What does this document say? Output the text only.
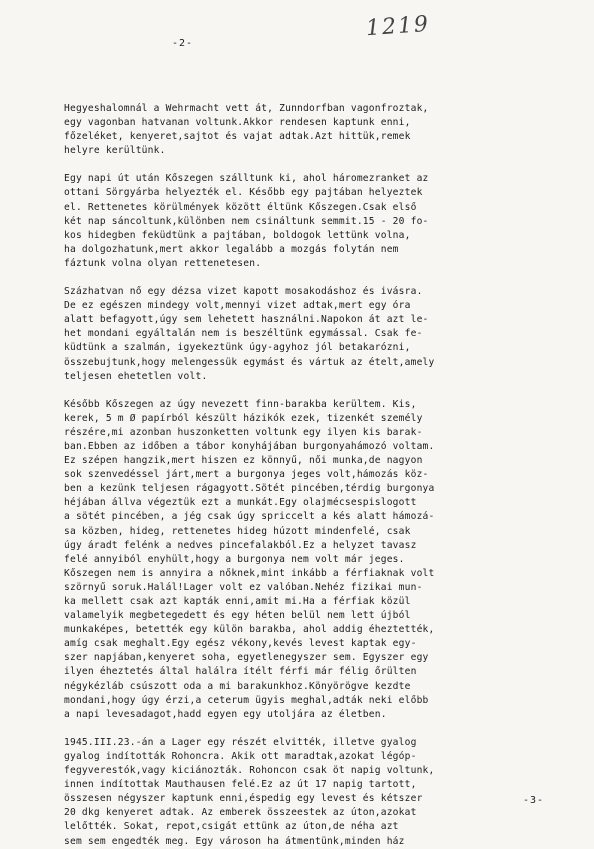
1219
-2-
Hegyeshalomnál a Wehrmacht vett át, Zunndorfban vagonfroztak,
egy vagonban hatvanan voltunk.Akkor rendesen kaptunk enni,
főzeléket, kenyeret,sajtot és vajat adtak.Azt hittük,remek
helyre kerültünk.
Egy napi út után Kőszegen szálltunk ki, ahol háromezranket az
ottani Sörgyárba helyezték el. Később egy pajtában helyeztek
el. Rettenetes körülmények között éltünk Kőszegen.Csak első
két nap sáncoltunk,különben nem csináltunk semmit.15 - 20 fo-
kos hidegben feküdtünk a pajtában, boldogok lettünk volna,
ha dolgozhatunk,mert akkor legalább a mozgás folytán nem
fáztunk volna olyan rettenetesen.
Százhatvan nő egy dézsa vizet kapott mosakodáshoz és ivásra.
De ez egészen mindegy volt,mennyi vizet adtak,mert egy óra
alatt befagyott,úgy sem lehetett használni.Napokon át azt le-
het mondani egyáltalán nem is beszéltünk egymással. Csak fe-
küdtünk a szalmán, igyekeztünk úgy-agyhoz jól betakarózni,
összebujtunk,hogy melengessük egymást és vártuk az ételt,amely
teljesen ehetetlen volt.
Később Kőszegen az úgy nevezett finn-barakba kerültem. Kis,
kerek, 5 m Ø papírból készült házikók ezek, tizenkét személy
részére,mi azonban huszonketten voltunk egy ilyen kis barak-
ban.Ebben az időben a tábor konyhájában burgonyahámozó voltam.
Ez szépen hangzik,mert hiszen ez könnyű, női munka,de nagyon
sok szenvedéssel járt,mert a burgonya jeges volt,hámozás köz-
ben a kezünk teljesen rágagyott.Sötét pincében,térdig burgonya
héjában állva végeztük ezt a munkát.Egy olajmécsespislogott
a sötét pincében, a jég csak úgy spriccelt a kés alatt hámozá-
sa közben, hideg, rettenetes hideg húzott mindenfelé, csak
úgy áradt felénk a nedves pincefalakból.Ez a helyzet tavasz
felé annyiból enyhült,hogy a burgonya nem volt már jeges.
Kőszegen nem is annyira a nőknek,mint inkább a férfiaknak volt
szörnyű soruk.Halál!Lager volt ez valóban.Nehéz fizikai mun-
ka mellett csak azt kapták enni,amit mi.Ha a férfiak közül
valamelyik megbetegedett és egy héten belül nem lett újból
munkaképes, betették egy külön barakba, ahol addig éheztették,
amíg csak meghalt.Egy egész vékony,kevés levest kaptak egy-
szer napjában,kenyeret soha, egyetlenegyszer sem. Egyszer egy
ilyen éheztetés által halálra ítélt férfi már félig őrülten
négykézláb csúszott oda a mi barakunkhoz.Könyörögve kezdte
mondani,hogy úgy érzi,a ceterum ügyis meghal,adták neki előbb
a napi levesadagot,hadd egyen egy utoljára az életben.
1945.III.23.-án a Lager egy részét elvitték, illetve gyalog
gyalog indították Rohoncra. Akik ott maradtak,azokat légóp-
fegyverestók,vagy kiciánozták. Rohoncon csak öt napig voltunk,
innen indítottak Mauthausen felé.Ez az út 17 napig tartott,
összesen négyszer kaptunk enni,éspedig egy levest és kétszer
20 dkg kenyeret adtak. Az emberek összeestek az úton,azokat
lelőtték. Sokat, repot,csigát ettünk az úton,de néha azt
sem sem engedték meg. Egy városon ha átmentünk,minden ház
-3-
